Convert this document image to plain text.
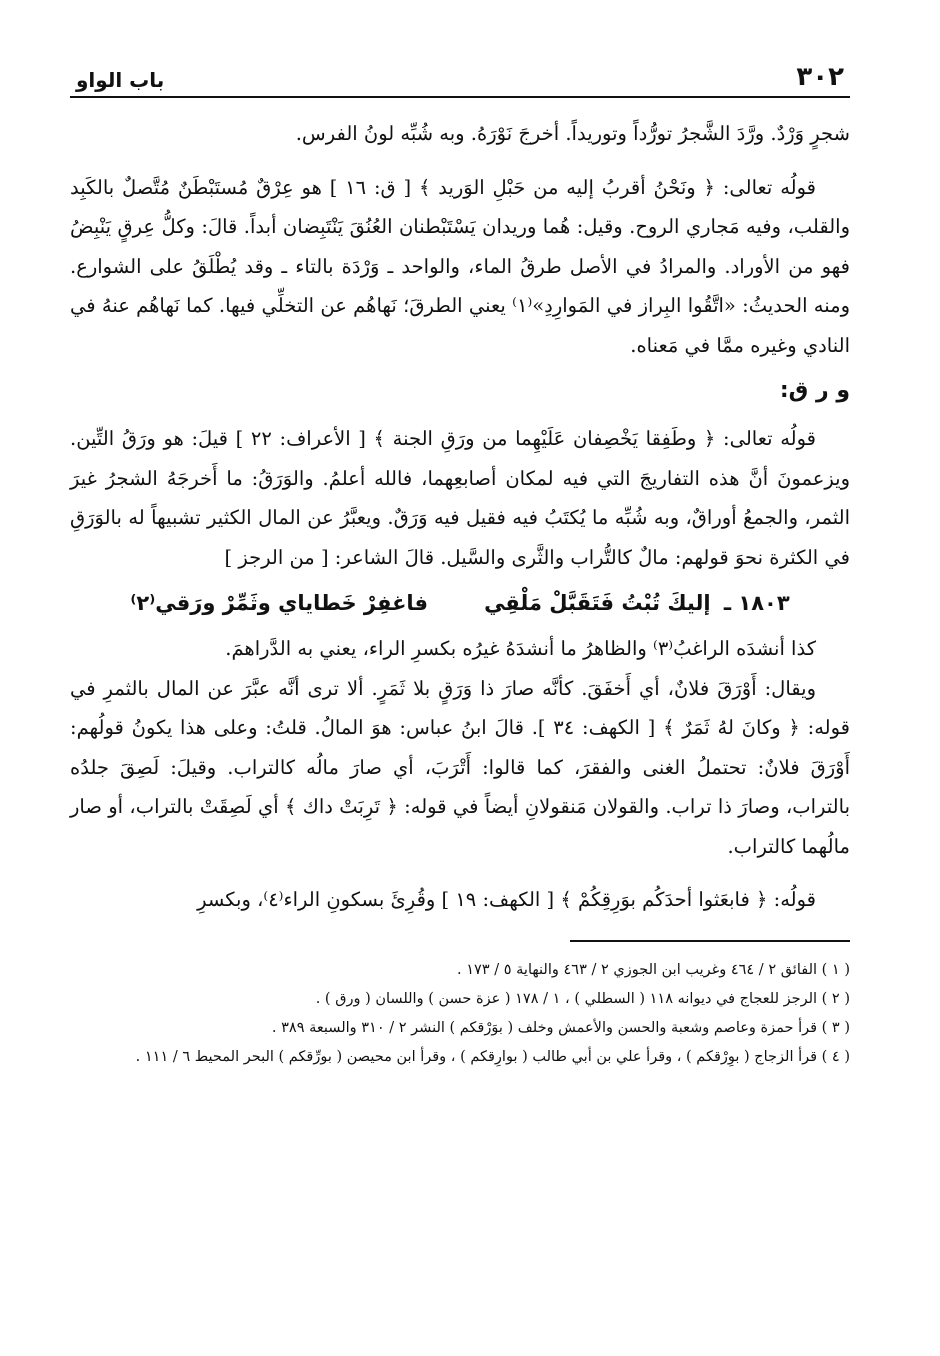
٣٠٢
باب الواو

شجرٍ وَرْدٌ. ورَّدَ الشَّجرُ تورُّداً وتوريداً. أخرجَ نَوْرَهُ. وبه شُبِّه لونُ الفرس.

قولُه تعالى: ﴿ ونَحْنُ أقربُ إليه من حَبْلِ الوَريد ﴾ [ ق: ١٦ ] هو عِرْقٌ مُستَبْطَنٌ مُتَّصلٌ بالكَبِد والقلب، وفيه مَجاري الروح. وقيل: هُما وريدان يَسْتَبْطنان العُنُقَ يَنْتَبِضان أبداً. قالَ: وكلُّ عِرقٍ يَنْبِضُ فهو من الأوراد. والمرادُ في الأصل طرقُ الماء، والواحد ـ وَرْدَة بالتاء ـ وقد يُطْلَقُ على الشوارع. ومنه الحديثُ: «اتَّقُوا البِراز في المَوارِدِ»⁽١⁾ يعني الطرقَ؛ نَهاهُم عن التخلِّي فيها. كما نَهاهُم عنهُ في النادي وغيره ممَّا في مَعناه.

و ر ق:

قولُه تعالى: ﴿ وطَفِقا يَخْصِفان عَلَيْهِما من ورَقِ الجنة ﴾ [ الأعراف: ٢٢ ] قيلَ: هو ورَقُ التِّين. ويزعمونَ أنَّ هذه التفاريجَ التي فيه لمكان أصابعِهما، فالله أعلمُ. والوَرَقُ: ما أَخرجَهُ الشجرُ غيرَ الثمر، والجمعُ أوراقٌ، وبه شُبِّه ما يُكتَبُ فيه فقيل فيه وَرَقٌ. ويعبَّرُ عن المال الكثير تشبيهاً له بالوَرَقِ في الكثرة نحوَ قولهم: مالٌ كالتُّراب والثَّرى والسَّيل. قالَ الشاعر: [ من الرجز ]

١٨٠٣ ـ إليكَ تُبْتُ فَتَقَبَّلْ مَلْقِي
فاغفِرْ خَطاياي وثَمِّرْ ورَقي⁽٢⁾

كذا أنشدَه الراغبُ⁽٣⁾ والظاهرُ ما أنشدَهُ غيرُه بكسرِ الراء، يعني به الدَّراهمَ.

ويقال: أَوْرَقَ فلانٌ، أي أَخفَقَ. كأنَّه صارَ ذا وَرَقٍ بلا ثَمَرٍ. ألا ترى أنَّه عبَّرَ عن المال بالثمرِ في قوله: ﴿ وكانَ لهُ ثَمَرٌ ﴾ [ الكهف: ٣٤ ]. قالَ ابنُ عباس: هوَ المالُ. قلتُ: وعلى هذا يكونُ قولُهم: أَوْرَقَ فلانٌ: تحتملُ الغنى والفقرَ، كما قالوا: أَتْرَبَ، أي صارَ مالُه كالتراب. وقيلَ: لَصِقَ جلدُه بالتراب، وصارَ ذا تراب. والقولان مَنقولانِ أيضاً في قوله: ﴿ تَرِبَتْ داك ﴾ أي لَصِقَتْ بالتراب، أو صار مالُهما كالتراب.

قولُه: ﴿ فابعَثوا أحدَكُم بوَرِقِكُمْ ﴾ [ الكهف: ١٩ ] وقُرِئَ بسكونِ الراء⁽٤⁾، وبكسرِ

( ١ ) الفائق ٢ / ٤٦٤ وغريب ابن الجوزي ٢ / ٤٦٣ والنهاية ٥ / ١٧٣ .

( ٢ ) الرجز للعجاج في ديوانه ١١٨ ( السطلي ) ، ١ / ١٧٨ ( عزة حسن ) واللسان ( ورق ) .

( ٣ ) قرأ حمزة وعاصم وشعبة والحسن والأعمش وخلف ( بوَرْقكم ) النشر ٢ / ٣١٠ والسبعة ٣٨٩ .

( ٤ ) قرأ الزجاج ( بوِرْقكم ) ، وقرأ علي بن أبي طالب ( بوارِقكم ) ، وقرأ ابن محيصن ( بورِّقكم ) البحر المحيط ٦ / ١١١ .
